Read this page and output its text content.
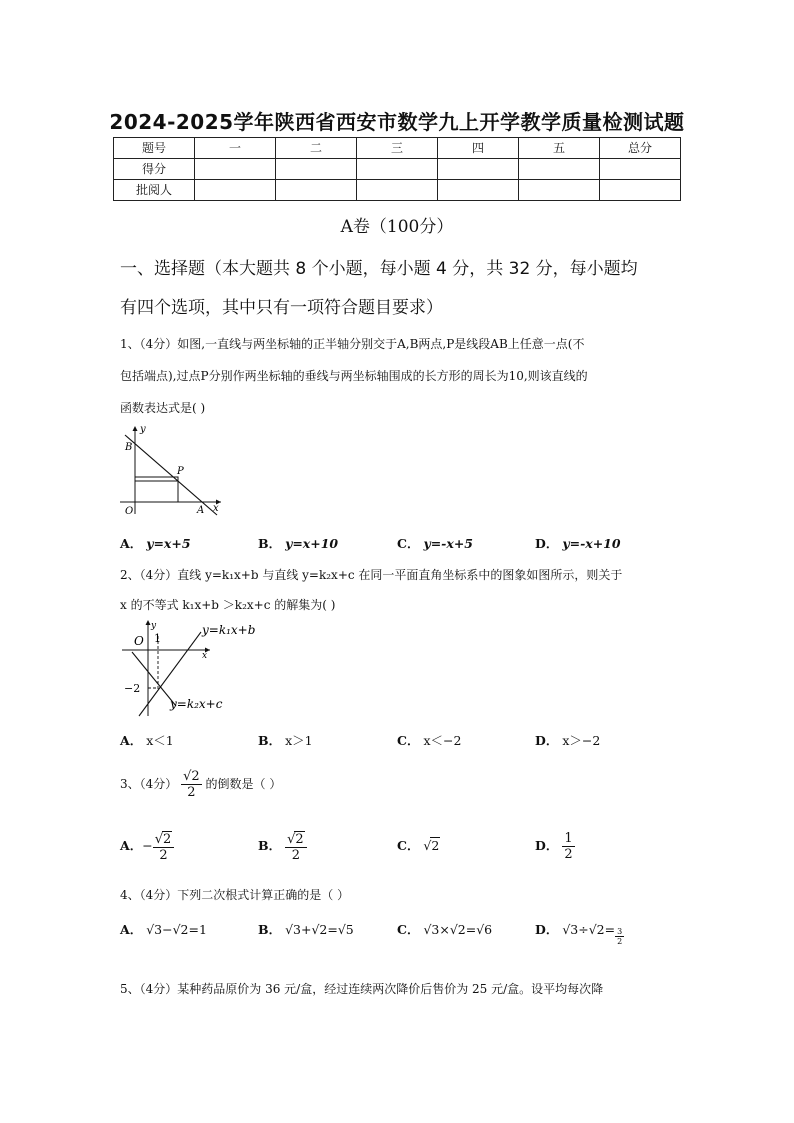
2024-2025学年陕西省西安市数学九上开学教学质量检测试题
题号	一	二	三	四	五	总分
得分						
批阅人						
A卷（100分）
一、选择题（本大题共 8 个小题，每小题 4 分，共 32 分，每小题均
有四个选项，其中只有一项符合题目要求）
1、（4分）如图,一直线与两坐标轴的正半轴分别交于A,B两点,P是线段AB上任意一点(不
包括端点),过点P分别作两坐标轴的垂线与两坐标轴围成的长方形的周长为10,则该直线的
函数表达式是( )
y
B
P
O	A x
A． y=x+5	B． y=x+10	C． y=-x+5	D． y=-x+10
2、（4分）直线 y=k₁x+b 与直线 y=k₂x+c 在同一平面直角坐标系中的图象如图所示，则关于
x 的不等式 k₁x+b ＞k₂x+c 的解集为( )
O 1
y
x
−2
y=k₁x+b
y=k₂x+c
A． x＜1	B． x＞1	C． x＜−2	D． x＞−2
3、（4分） $\frac{√2}{2}$ 的倒数是（ ）
A．− $\frac{√2}{2}$	B． $\frac{√2}{2}$	C． √2	D． $\frac{1}{2}$
4、（4分）下列二次根式计算正确的是（ ）
A． √3−√2=1	B． √3+√2=√5	C． √3×√2=√6	D． $√3\div√2= \frac{3}{2}$
5、（4分）某种药品原价为 36 元/盒，经过连续两次降价后售价为 25 元/盒。设平均每次降
